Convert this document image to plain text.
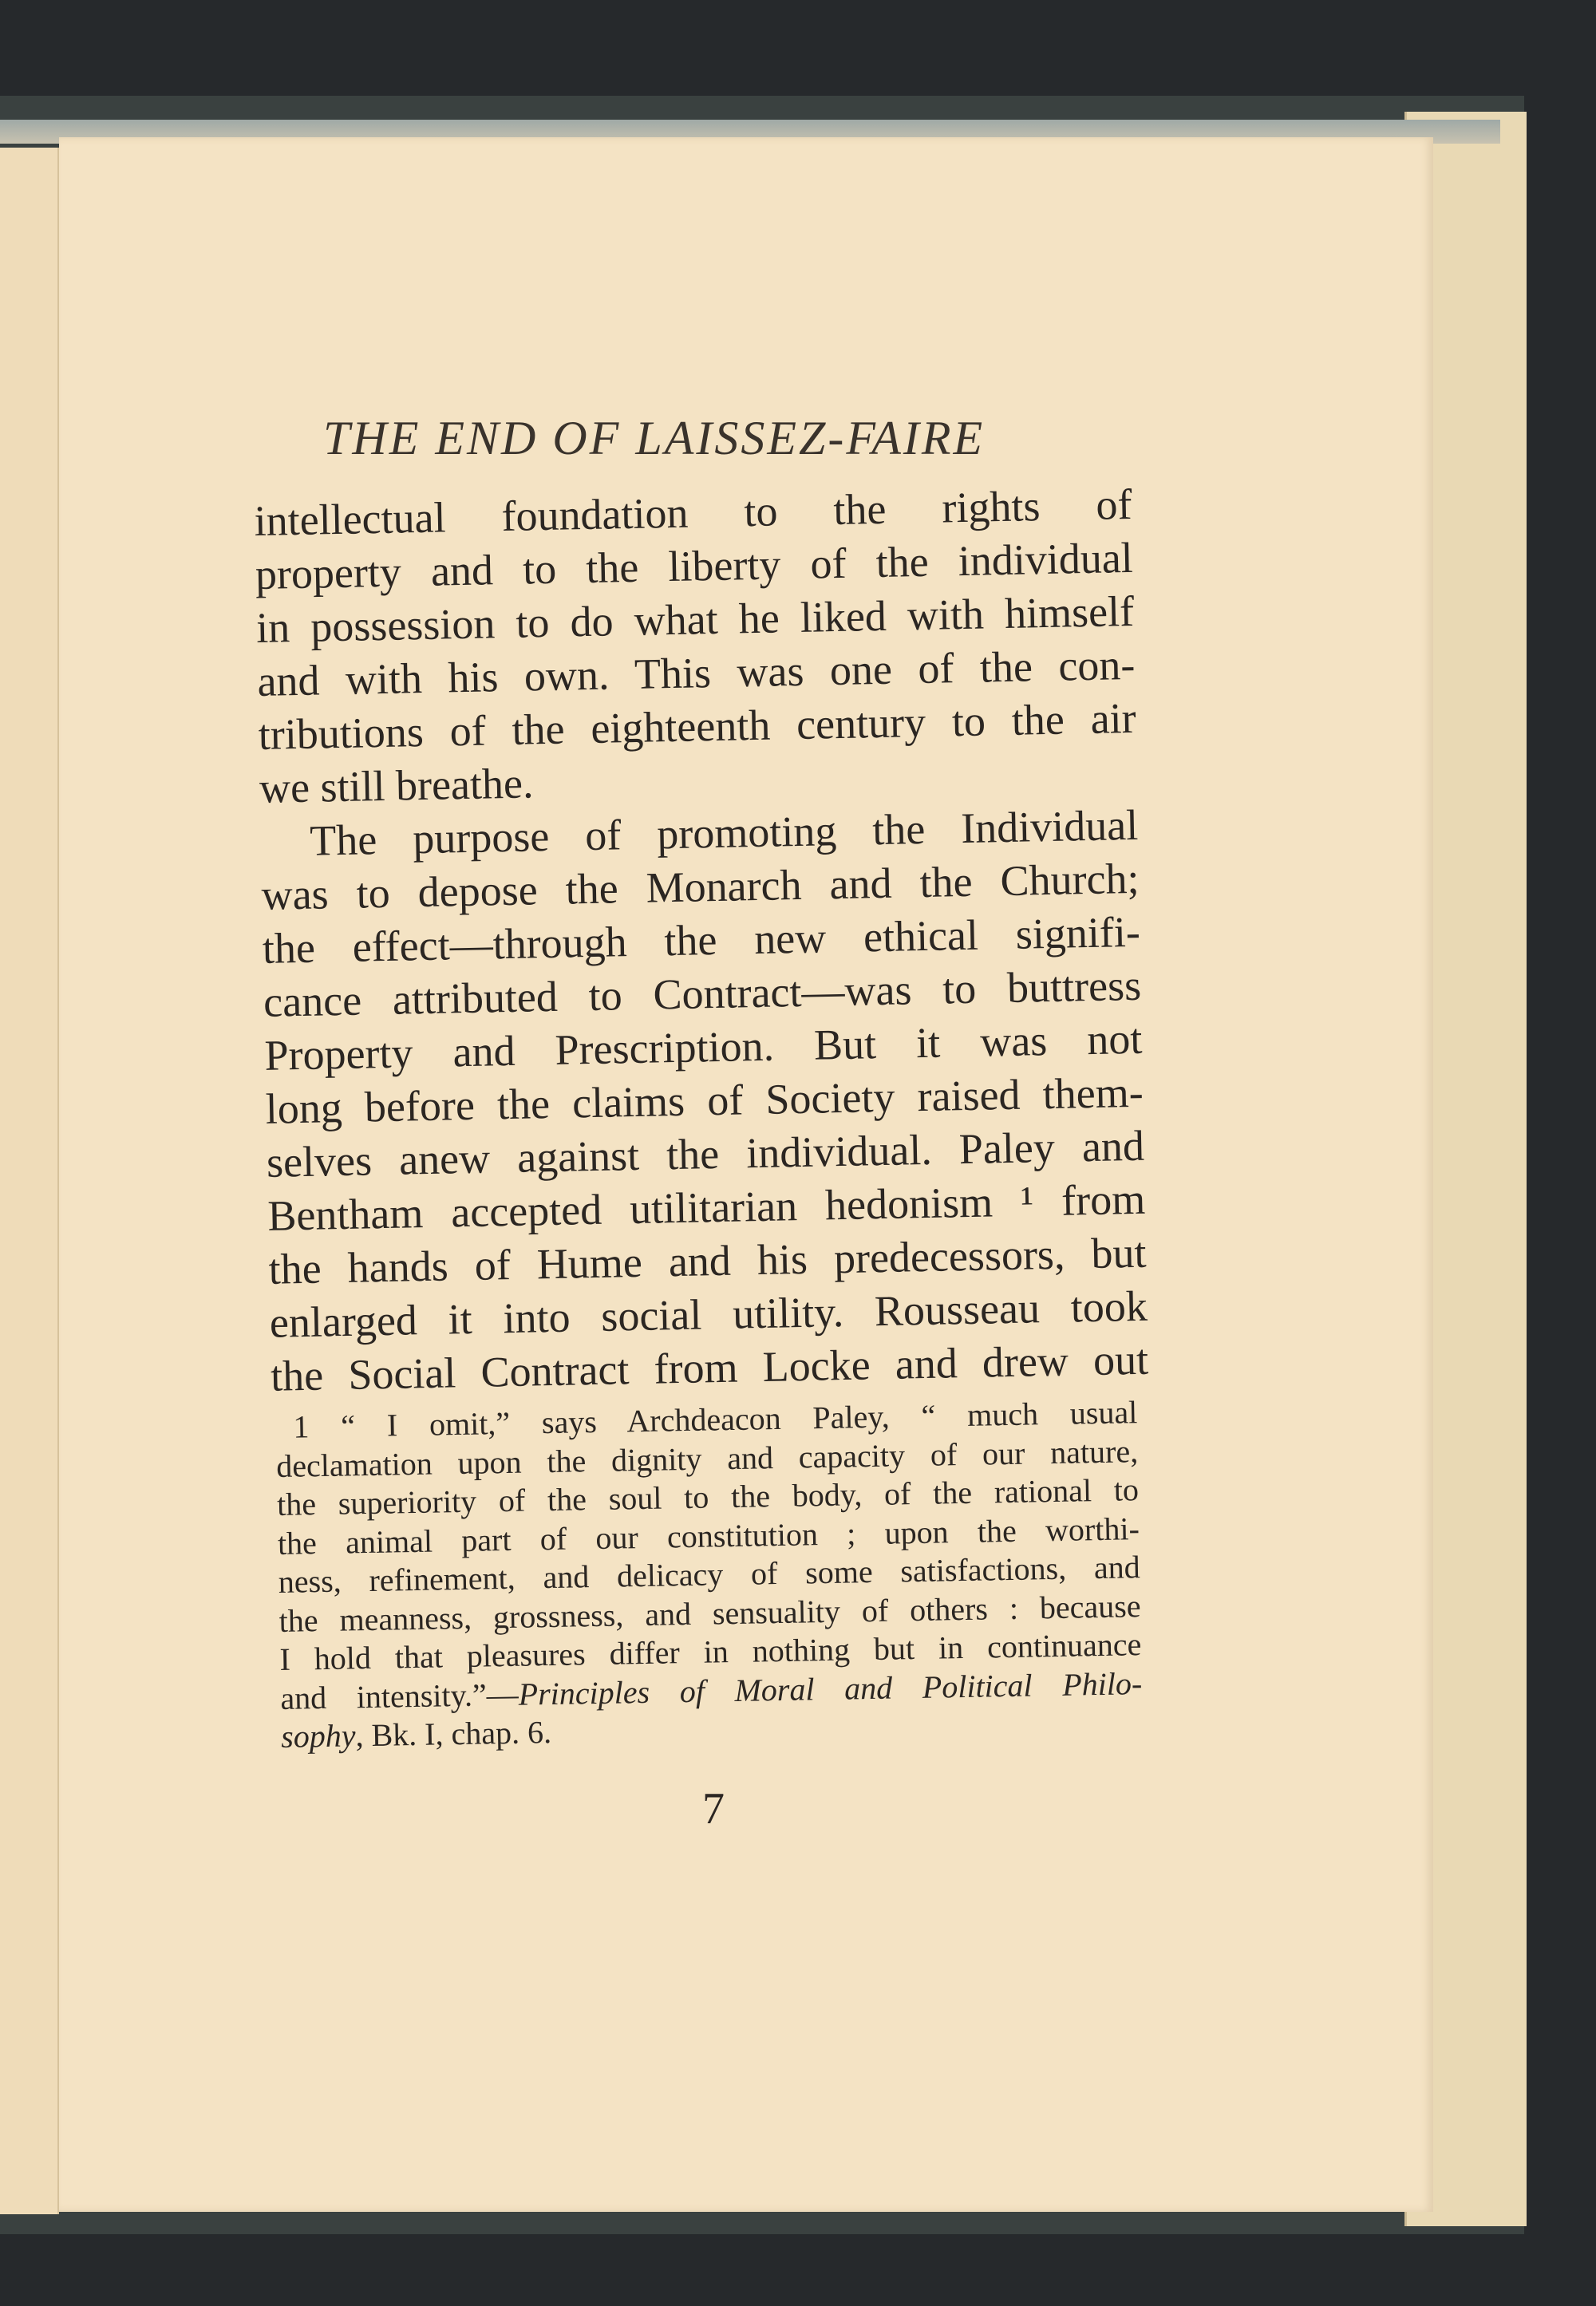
THE END OF LAISSEZ-FAIRE
intellectual foundation to the rights of
property and to the liberty of the individual
in possession to do what he liked with himself
and with his own. This was one of the con-
tributions of the eighteenth century to the air
we still breathe.
The purpose of promoting the Individual
was to depose the Monarch and the Church;
the effect—through the new ethical signifi-
cance attributed to Contract—was to buttress
Property and Prescription. But it was not
long before the claims of Society raised them-
selves anew against the individual. Paley and
Bentham accepted utilitarian hedonism ¹ from
the hands of Hume and his predecessors, but
enlarged it into social utility. Rousseau took
the Social Contract from Locke and drew out
1 “ I omit,” says Archdeacon Paley, “ much usual
declamation upon the dignity and capacity of our nature,
the superiority of the soul to the body, of the rational to
the animal part of our constitution ; upon the worthi-
ness, refinement, and delicacy of some satisfactions, and
the meanness, grossness, and sensuality of others : because
I hold that pleasures differ in nothing but in continuance
and intensity.”—Principles of Moral and Political Philo-
sophy, Bk. I, chap. 6.
7
